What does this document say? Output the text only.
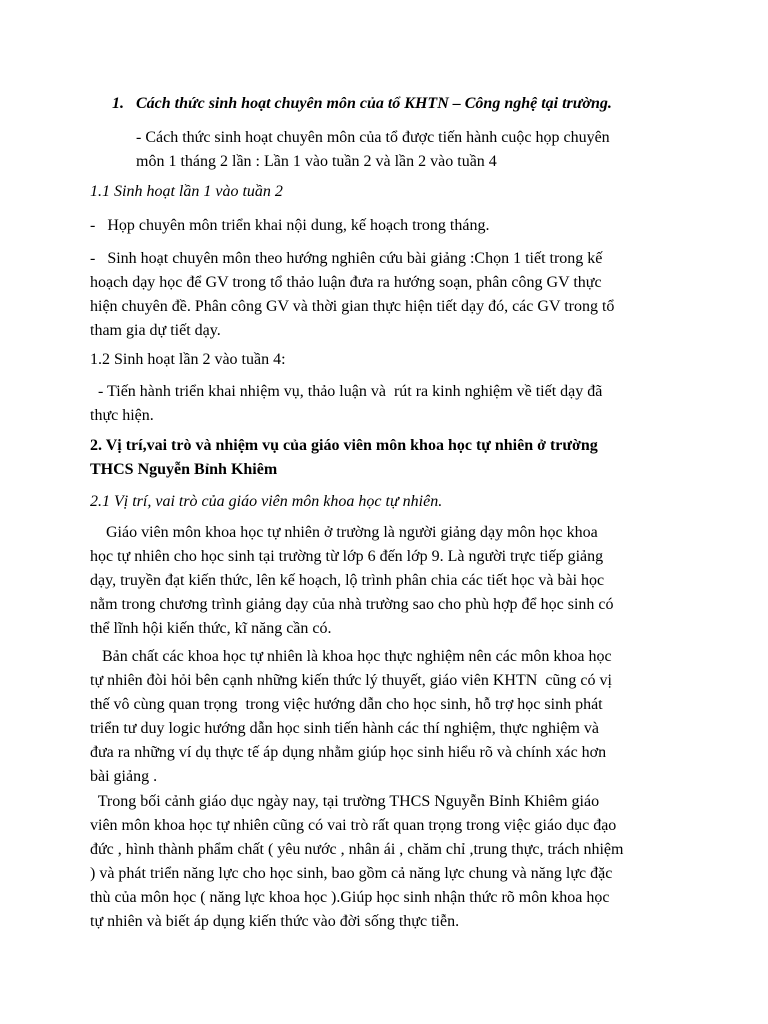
1. Cách thức sinh hoạt chuyên môn của tổ KHTN – Công nghệ tại trường.
- Cách thức sinh hoạt chuyên môn của tổ được tiến hành cuộc họp chuyên
môn 1 tháng 2 lần : Lần 1 vào tuần 2 và lần 2 vào tuần 4
1.1 Sinh hoạt lần 1 vào tuần 2
-   Họp chuyên môn triển khai nội dung, kế hoạch trong tháng.
-   Sinh hoạt chuyên môn theo hướng nghiên cứu bài giảng :Chọn 1 tiết trong kế
hoạch dạy học để GV trong tổ thảo luận đưa ra hướng soạn, phân công GV thực
hiện chuyên đề. Phân công GV và thời gian thực hiện tiết dạy đó, các GV trong tổ
tham gia dự tiết dạy.
1.2 Sinh hoạt lần 2 vào tuần 4:
- Tiến hành triển khai nhiệm vụ, thảo luận và  rút ra kinh nghiệm về tiết dạy đã
thực hiện.
2. Vị trí,vai trò và nhiệm vụ của giáo viên môn khoa học tự nhiên ở trường
THCS Nguyễn Bỉnh Khiêm
2.1 Vị trí, vai trò của giáo viên môn khoa học tự nhiên.
Giáo viên môn khoa học tự nhiên ở trường là người giảng dạy môn học khoa
học tự nhiên cho học sinh tại trường từ lớp 6 đến lớp 9. Là người trực tiếp giảng
dạy, truyền đạt kiến thức, lên kế hoạch, lộ trình phân chia các tiết học và bài học
nằm trong chương trình giảng dạy của nhà trường sao cho phù hợp để học sinh có
thể lĩnh hội kiến thức, kĩ năng cần có.
Bản chất các khoa học tự nhiên là khoa học thực nghiệm nên các môn khoa học
tự nhiên đòi hỏi bên cạnh những kiến thức lý thuyết, giáo viên KHTN  cũng có vị
thế vô cùng quan trọng  trong việc hướng dẫn cho học sinh, hỗ trợ học sinh phát
triển tư duy logic hướng dẫn học sinh tiến hành các thí nghiệm, thực nghiệm và
đưa ra những ví dụ thực tế áp dụng nhằm giúp học sinh hiểu rõ và chính xác hơn
bài giảng .
Trong bối cảnh giáo dục ngày nay, tại trường THCS Nguyễn Bỉnh Khiêm giáo
viên môn khoa học tự nhiên cũng có vai trò rất quan trọng trong việc giáo dục đạo
đức , hình thành phẩm chất ( yêu nước , nhân ái , chăm chỉ ,trung thực, trách nhiệm
) và phát triển năng lực cho học sinh, bao gồm cả năng lực chung và năng lực đặc
thù của môn học ( năng lực khoa học ).Giúp học sinh nhận thức rõ môn khoa học
tự nhiên và biết áp dụng kiến thức vào đời sống thực tiễn.
